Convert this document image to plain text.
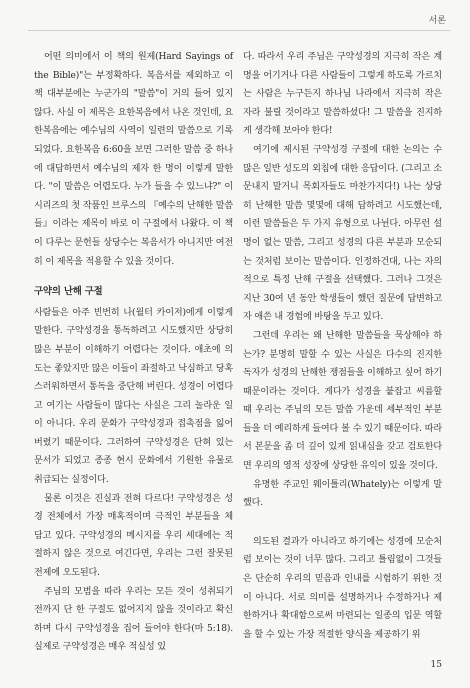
서론

어떤 의미에서 이 책의 원제(Hard Sayings of the Bible)"는 부정확하다. 복음서를 제외하고 이 책 대부분에는 누군가의 "말씀"이 거의 들어 있지 않다. 사실 이 제목은 요한복음에서 나온 것인데, 요한복음에는 예수님의 사역이 일련의 말씀으로 기록되었다. 요한복음 6:60을 보면 그러한 말씀 중 하나에 대답하면서 예수님의 제자 한 명이 이렇게 말한다. "이 말씀은 어렵도다. 누가 들을 수 있느냐?" 이 시리즈의 첫 작품인 브루스의 『예수의 난해한 말씀들』이라는 제목이 바로 이 구절에서 나왔다. 이 책이 다루는 문헌들 상당수는 복음서가 아니지만 여전히 이 제목을 적용할 수 있을 것이다.

구약의 난해 구절

사람들은 아주 빈번히 나(월터 카이저)에게 이렇게 말한다. 구약성경을 통독하려고 시도했지만 상당히 많은 부분이 이해하기 어렵다는 것이다. 애초에 의도는 좋았지만 많은 이들이 좌절하고 낙심하고 당혹스러워하면서 통독을 중단해 버린다. 성경이 어렵다고 여기는 사람들이 많다는 사실은 그리 놀라운 일이 아니다. 우리 문화가 구약성경과 접촉점을 잃어버렸기 때문이다. 그러하여 구약성경은 단혀 있는 문서가 되었고 종종 현시 문화에서 기원한 유물로 취급되는 실정이다.

물론 이것은 진실과 전혀 다르다! 구약성경은 성경 전체에서 가장 매혹적이며 극적인 부분들을 체 담고 있다. 구약성경의 메시지를 우리 세대에는 적절하지 않은 것으로 여긴다면, 우리는 그런 잘못된 전제에 오도된다.

주님의 모범을 따라 우리는 모든 것이 성취되기 전까지 단 한 구절도 없어지지 않을 것이라고 확신하며 다시 구약성경을 집어 들어야 한다(마 5:18). 실제로 구약성경은 매우 적실성 있

다. 따라서 우리 주님은 구약성경의 지극히 작은 계명을 어기거나 다른 사람들이 그렇게 하도록 가르치는 사람은 누구든지 하나님 나라에서 지극히 작은 자라 불릴 것이라고 말씀하셨다! 그 말씀을 진지하게 생각해 보아야 한다!

여기에 제시된 구약성경 구절에 대한 논의는 수많은 일반 성도의 외침에 대한 응답이다. (그리고 소문내지 말거니 목회자들도 마찬가지다!) 나는 상당히 난해한 말씀 몇몇에 대해 답하려고 시도했는데, 이런 말씀들은 두 가지 유형으로 나뉜다. 아무런 설명이 없는 말씀, 그리고 성경의 다른 부분과 모순되는 것처럼 보이는 말씀이다. 인정하건대, 나는 자의적으로 특정 난해 구절을 선택했다. 그러나 그것은 지난 30여 년 동안 학생들이 했던 질문에 답변하고자 애쓴 내 경험에 바탕을 두고 있다.

그런데 우리는 왜 난해한 말씀들을 묵상해야 하는가? 분명히 말할 수 있는 사실은 다수의 진지한 독자가 성경의 난해한 쟁점들을 이해하고 싶어 하기 때문이라는 것이다. 게다가 성경을 붙잡고 씨름할 때 우리는 주님의 모든 말씀 가운데 세부적인 부분들을 더 예리하게 들여다 볼 수 있기 때문이다. 따라서 본문을 좀 더 깊이 있게 읽내심을 갖고 검토한다면 우리의 영적 성장에 상당한 유익이 있을 것이다.

유명한 주교인 웨이틀리(Whately)는 이렇게 말했다.

의도된 결과가 아니라고 하기에는 성경에 모순처럼 보이는 것이 너무 많다. 그리고 틀림없이 그것들은 단순히 우리의 믿음과 인내를 시험하기 위한 것이 아니다. 서로 의미를 설명하거나 수정하거나 제한하거나 확대함으로써 마련되는 일종의 입문 역할을 할 수 있는 가장 적절한 양식을 제공하기 위

15
